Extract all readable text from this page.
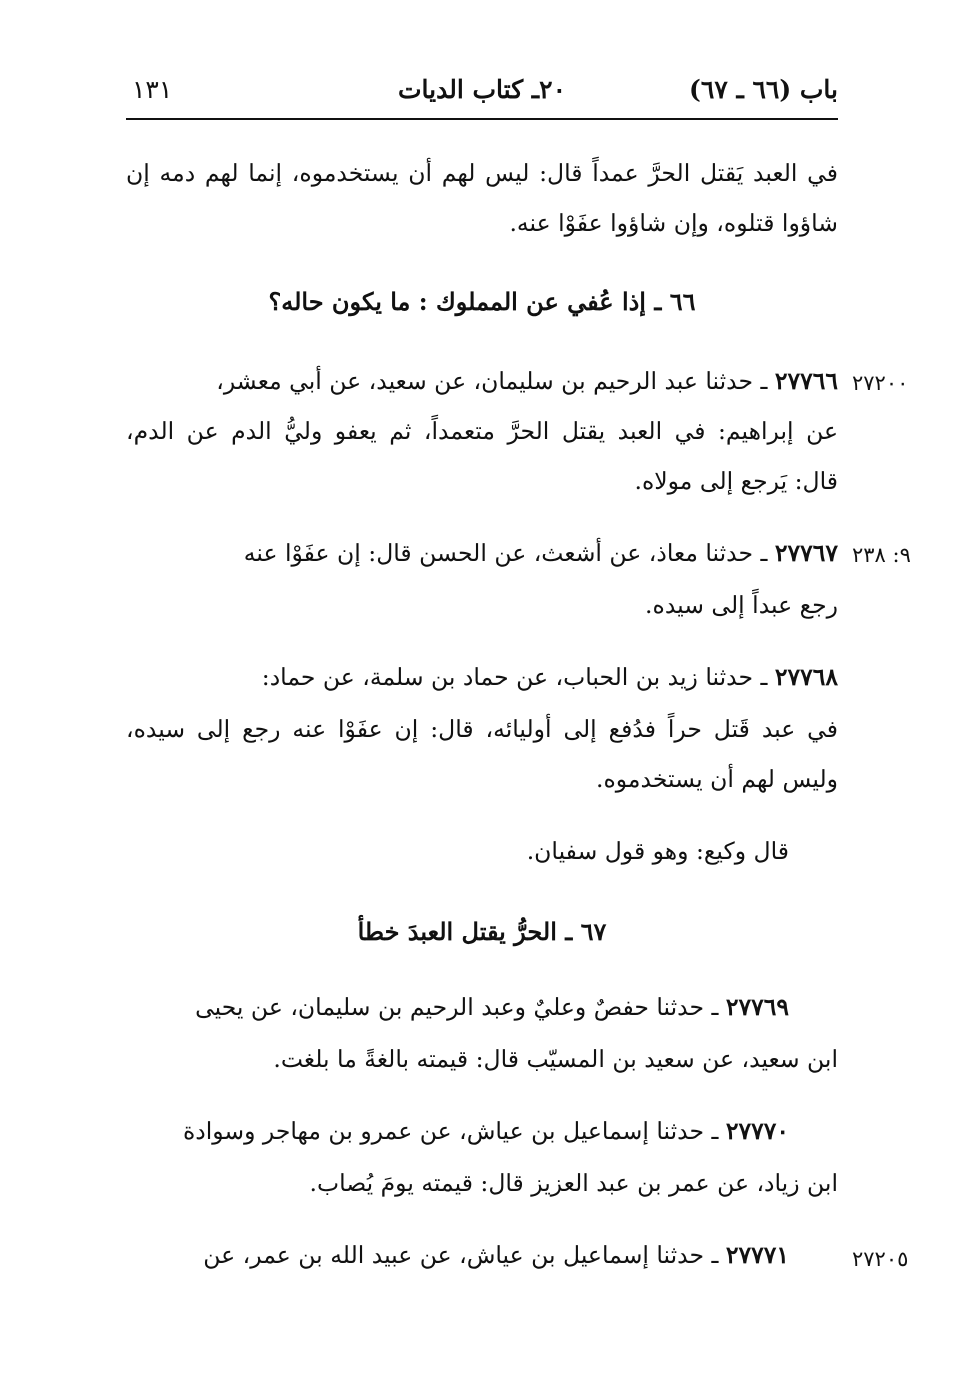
باب (٦٦ ـ ٦٧)
٢٠ـ كتاب الديات
١٣١
في العبد يَقتل الحرَّ عمداً قال: ليس لهم أن يستخدموه، إنما لهم دمه إن
شاؤوا قتلوه، وإن شاؤوا عفَوْا عنه.
٦٦ ـ إذا عُفي عن المملوك : ما يكون حاله؟
٢٧٢٠٠
٢٧٧٦٦ ـ حدثنا عبد الرحيم بن سليمان، عن سعيد، عن أبي معشر،
عن إبراهيم: في العبد يقتل الحرَّ متعمداً، ثم يعفو وليُّ الدم عن الدم،
قال: يَرجع إلى مولاه.
٩: ٢٣٨
٢٧٧٦٧ ـ حدثنا معاذ، عن أشعث، عن الحسن قال: إن عفَوْا عنه
رجع عبداً إلى سيده.
٢٧٧٦٨ ـ حدثنا زيد بن الحباب، عن حماد بن سلمة، عن حماد:
في عبد قَتل حراً فدُفع إلى أوليائه، قال: إن عفَوْا عنه رجع إلى سيده،
وليس لهم أن يستخدموه.
قال وكيع: وهو قول سفيان.
٦٧ ـ الحرُّ يقتل العبدَ خطأ
٢٧٧٦٩ ـ حدثنا حفصٌ وعليٌ وعبد الرحيم بن سليمان، عن يحيى
ابن سعيد، عن سعيد بن المسيّب قال: قيمته بالغةً ما بلغت.
٢٧٧٧٠ ـ حدثنا إسماعيل بن عياش، عن عمرو بن مهاجر وسوادة
ابن زياد، عن عمر بن عبد العزيز قال: قيمته يومَ يُصاب.
٢٧٢٠٥
٢٧٧٧١ ـ حدثنا إسماعيل بن عياش، عن عبيد الله بن عمر، عن
